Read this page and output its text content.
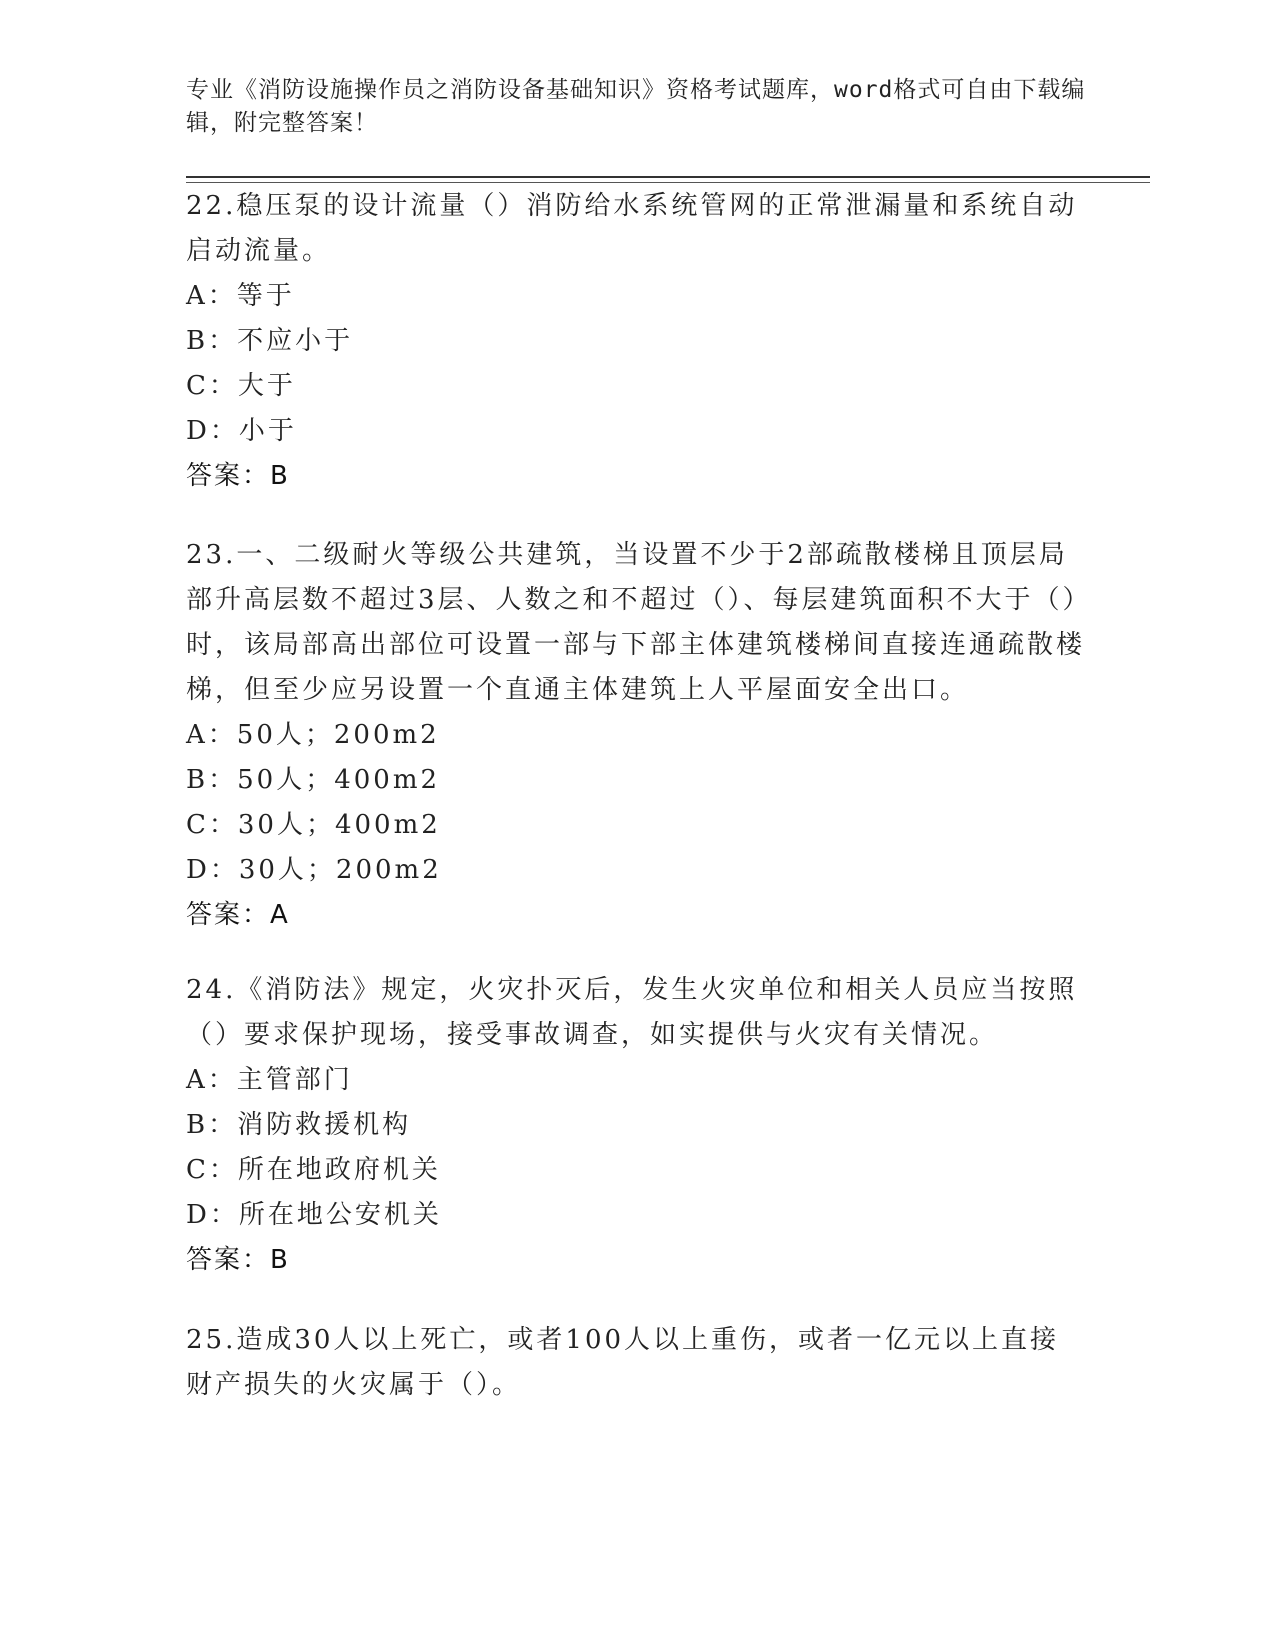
专业《消防设施操作员之消防设备基础知识》资格考试题库，word格式可自由下载编辑，附完整答案！

22.稳压泵的设计流量（）消防给水系统管网的正常泄漏量和系统自动启动流量。

A：等于
B：不应小于
C：大于
D：小于
答案：B

23.一、二级耐火等级公共建筑，当设置不少于2部疏散楼梯且顶层局部升高层数不超过3层、人数之和不超过（）、每层建筑面积不大于（）时，该局部高出部位可设置一部与下部主体建筑楼梯间直接连通疏散楼梯，但至少应另设置一个直通主体建筑上人平屋面安全出口。

A：50人；200m2
B：50人；400m2
C：30人；400m2
D：30人；200m2
答案：A

24.《消防法》规定，火灾扑灭后，发生火灾单位和相关人员应当按照（）要求保护现场，接受事故调查，如实提供与火灾有关情况。

A：主管部门
B：消防救援机构
C：所在地政府机关
D：所在地公安机关
答案：B

25.造成30人以上死亡，或者100人以上重伤，或者一亿元以上直接财产损失的火灾属于（）。
